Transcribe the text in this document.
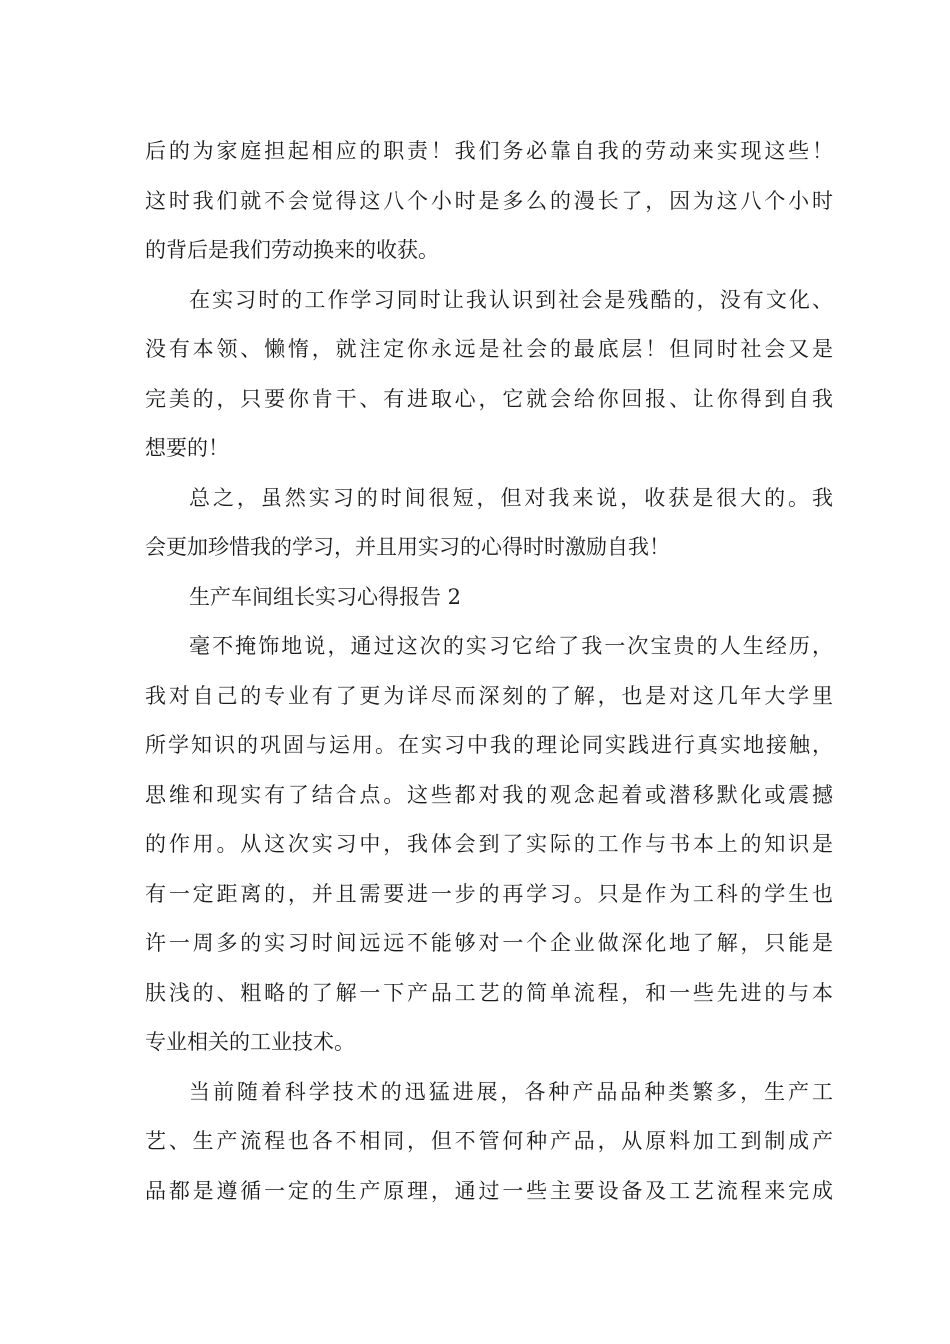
后的为家庭担起相应的职责！我们务必靠自我的劳动来实现这些！
这时我们就不会觉得这八个小时是多么的漫长了，因为这八个小时
的背后是我们劳动换来的收获。
在实习时的工作学习同时让我认识到社会是残酷的，没有文化、
没有本领、懒惰，就注定你永远是社会的最底层！但同时社会又是
完美的，只要你肯干、有进取心，它就会给你回报、让你得到自我
想要的！
总之，虽然实习的时间很短，但对我来说，收获是很大的。我
会更加珍惜我的学习，并且用实习的心得时时激励自我！
生产车间组长实习心得报告 2
毫不掩饰地说，通过这次的实习它给了我一次宝贵的人生经历，
我对自己的专业有了更为详尽而深刻的了解，也是对这几年大学里
所学知识的巩固与运用。在实习中我的理论同实践进行真实地接触，
思维和现实有了结合点。这些都对我的观念起着或潜移默化或震撼
的作用。从这次实习中，我体会到了实际的工作与书本上的知识是
有一定距离的，并且需要进一步的再学习。只是作为工科的学生也
许一周多的实习时间远远不能够对一个企业做深化地了解，只能是
肤浅的、粗略的了解一下产品工艺的简单流程，和一些先进的与本
专业相关的工业技术。
当前随着科学技术的迅猛进展，各种产品品种类繁多，生产工
艺、生产流程也各不相同，但不管何种产品，从原料加工到制成产
品都是遵循一定的生产原理，通过一些主要设备及工艺流程来完成
